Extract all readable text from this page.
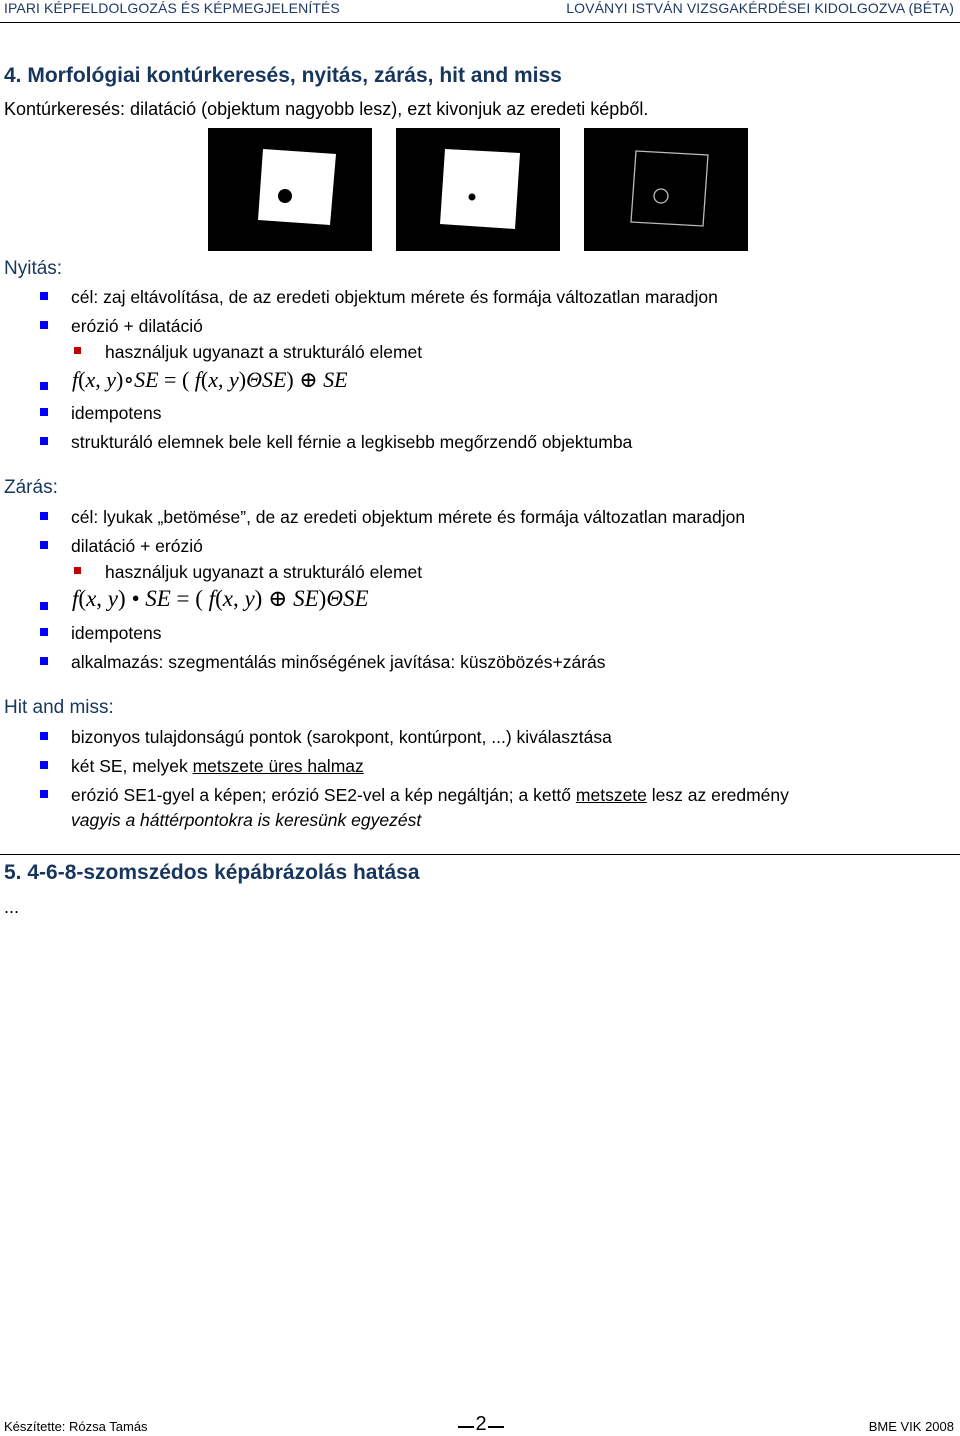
IPARI KÉPFELDOLGOZÁS ÉS KÉPMEGJELENÍTÉS	LOVÁNYI ISTVÁN VIZSGAKÉRDÉSEI KIDOLGOZVA (BÉTA)
4. Morfológiai kontúrkeresés, nyitás, zárás, hit and miss
Kontúrkeresés: dilatáció (objektum nagyobb lesz), ezt kivonjuk az eredeti képből.
Nyitás:
cél: zaj eltávolítása, de az eredeti objektum mérete és formája változatlan maradjon
erózió + dilatáció
használjuk ugyanazt a strukturáló elemet
f(x, y)∘SE = ( f(x, y)ΘSE) ⊕ SE
idempotens
strukturáló elemnek bele kell férnie a legkisebb megőrzendő objektumba
Zárás:
cél: lyukak „betömése”, de az eredeti objektum mérete és formája változatlan maradjon
dilatáció + erózió
használjuk ugyanazt a strukturáló elemet
f(x, y) • SE = ( f(x, y) ⊕ SE)ΘSE
idempotens
alkalmazás: szegmentálás minőségének javítása: küszöbözés+zárás
Hit and miss:
bizonyos tulajdonságú pontok (sarokpont, kontúrpont, ...) kiválasztása
két SE, melyek metszete üres halmaz
erózió SE1-gyel a képen; erózió SE2-vel a kép negáltján; a kettő metszete lesz az eredmény
vagyis a háttérpontokra is keresünk egyezést
5. 4-6-8-szomszédos képábrázolás hatása
...
Készítette: Rózsa Tamás	2	BME VIK 2008
